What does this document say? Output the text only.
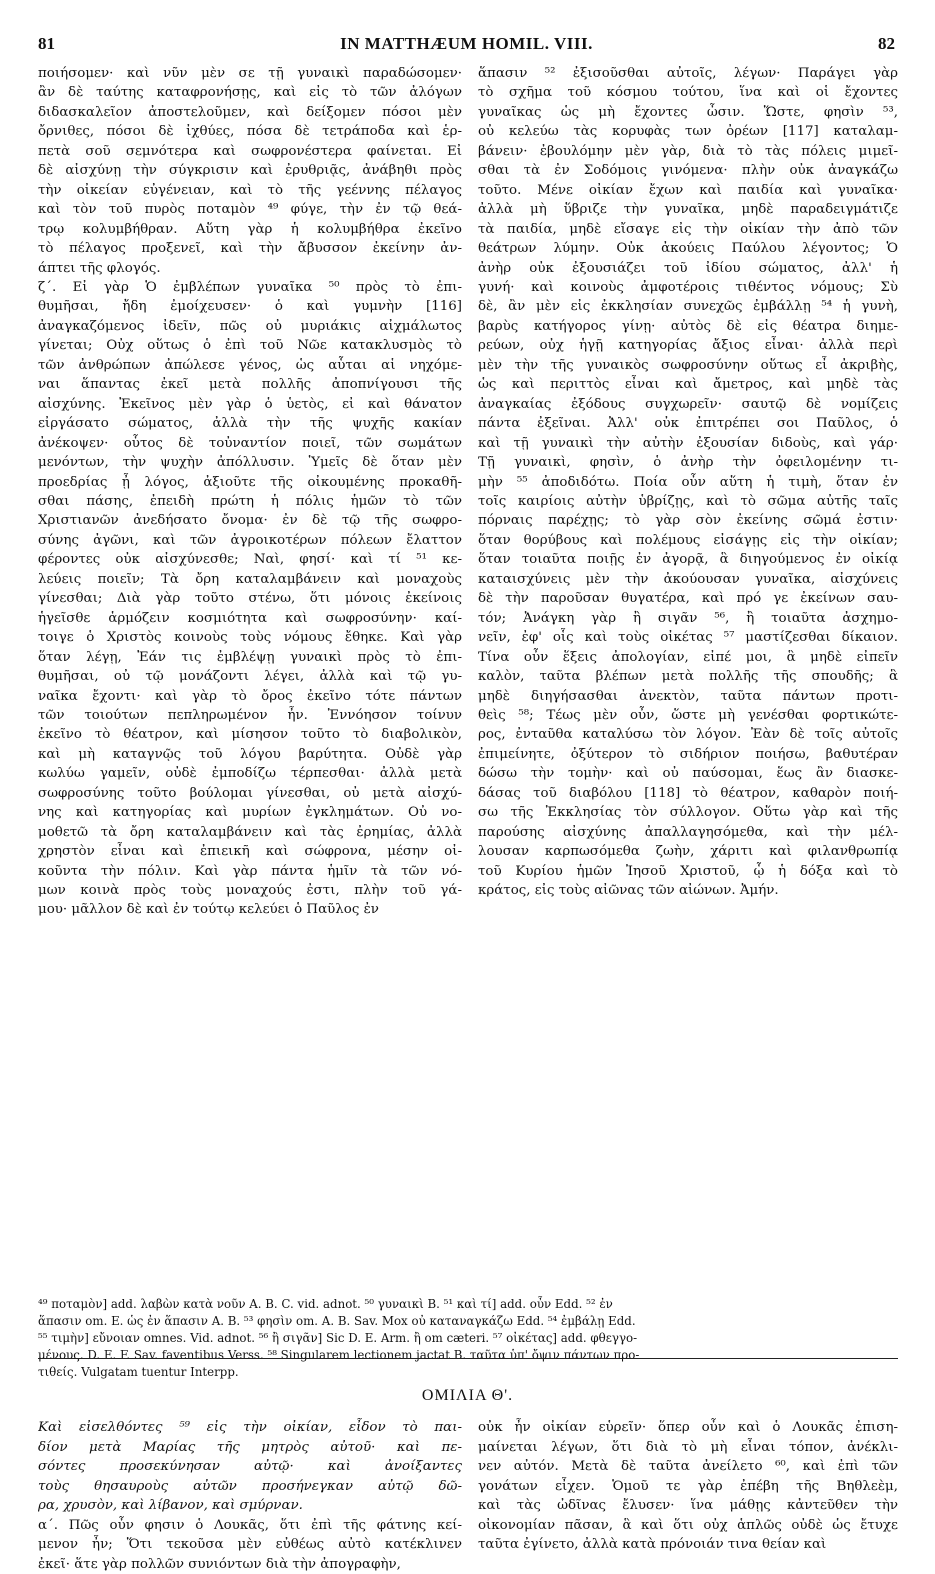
81	IN MATTHÆUM HOMIL. VIII.	82
ποιήσομεν· καὶ νῦν μὲν σε τῇ γυναικὶ παραδώσομεν·
ἂν δὲ ταύτης καταφρονήσῃς, καὶ εἰς τὸ τῶν ἀλόγων
διδασκαλεῖον ἀποστελοῦμεν, καὶ δείξομεν πόσοι μὲν
ὄρνιθες, πόσοι δὲ ἰχθύες, πόσα δὲ τετράποδα καὶ ἑρ-
πετὰ σοῦ σεμνότερα καὶ σωφρονέστερα φαίνεται. Εἰ
δὲ αἰσχύνῃ τὴν σύγκρισιν καὶ ἐρυθριᾷς, ἀνάβηθι πρὸς
τὴν οἰκείαν εὐγένειαν, καὶ τὸ τῆς γεέννης πέλαγος
καὶ τὸν τοῦ πυρὸς ποταμὸν ⁴⁹ φύγε, τὴν ἐν τῷ θεά-
τρῳ κολυμβήθραν. Αὕτη γὰρ ἡ κολυμβήθρα ἐκεῖνο
τὸ πέλαγος προξενεῖ, καὶ τὴν ἄβυσσον ἐκείνην ἀν-
άπτει τῆς φλογός.
ζ΄. Εἰ γὰρ Ὁ ἐμβλέπων γυναῖκα ⁵⁰ πρὸς τὸ ἐπι-
θυμῆσαι, ἤδη ἐμοίχευσεν· ὁ καὶ γυμνὴν [116]
ἀναγκαζόμενος ἰδεῖν, πῶς οὐ μυριάκις αἰχμάλωτος
γίνεται; Οὐχ οὕτως ὁ ἐπὶ τοῦ Νῶε κατακλυσμὸς τὸ
τῶν ἀνθρώπων ἀπώλεσε γένος, ὡς αὗται αἱ νηχόμε-
ναι ἅπαντας ἐκεῖ μετὰ πολλῆς ἀποπνίγουσι τῆς
αἰσχύνης. Ἐκεῖνος μὲν γὰρ ὁ ὑετὸς, εἰ καὶ θάνατον
εἰργάσατο σώματος, ἀλλὰ τὴν τῆς ψυχῆς κακίαν
ἀνέκοψεν· οὗτος δὲ τοὐναντίον ποιεῖ, τῶν σωμάτων
μενόντων, τὴν ψυχὴν ἀπόλλυσιν. Ὑμεῖς δὲ ὅταν μὲν
προεδρίας ᾖ λόγος, ἀξιοῦτε τῆς οἰκουμένης προκαθῆ-
σθαι πάσης, ἐπειδὴ πρώτη ἡ πόλις ἡμῶν τὸ τῶν
Χριστιανῶν ἀνεδήσατο ὄνομα· ἐν δὲ τῷ τῆς σωφρο-
σύνης ἀγῶνι, καὶ τῶν ἀγροικοτέρων πόλεων ἔλαττον
φέροντες οὐκ αἰσχύνεσθε; Ναὶ, φησί· καὶ τί ⁵¹ κε-
λεύεις ποιεῖν; Τὰ ὄρη καταλαμβάνειν καὶ μοναχοὺς
γίνεσθαι; Διὰ γὰρ τοῦτο στένω, ὅτι μόνοις ἐκείνοις
ἡγεῖσθε ἁρμόζειν κοσμιότητα καὶ σωφροσύνην· καί-
τοιγε ὁ Χριστὸς κοινοὺς τοὺς νόμους ἔθηκε. Καὶ γὰρ
ὅταν λέγῃ, Ἐάν τις ἐμβλέψῃ γυναικὶ πρὸς τὸ ἐπι-
θυμῆσαι, οὐ τῷ μονάζοντι λέγει, ἀλλὰ καὶ τῷ γυ-
ναῖκα ἔχοντι· καὶ γὰρ τὸ ὄρος ἐκεῖνο τότε πάντων
τῶν τοιούτων πεπληρωμένον ἦν. Ἐννόησον τοίνυν
ἐκεῖνο τὸ θέατρον, καὶ μίσησον τοῦτο τὸ διαβολικὸν,
καὶ μὴ καταγνῷς τοῦ λόγου βαρύτητα. Οὐδὲ γὰρ
κωλύω γαμεῖν, οὐδὲ ἐμποδίζω τέρπεσθαι· ἀλλὰ μετὰ
σωφροσύνης τοῦτο βούλομαι γίνεσθαι, οὐ μετὰ αἰσχύ-
νης καὶ κατηγορίας καὶ μυρίων ἐγκλημάτων. Οὐ νο-
μοθετῶ τὰ ὄρη καταλαμβάνειν καὶ τὰς ἐρημίας, ἀλλὰ
χρηστὸν εἶναι καὶ ἐπιεικῆ καὶ σώφρονα, μέσην οἰ-
κοῦντα τὴν πόλιν. Καὶ γὰρ πάντα ἡμῖν τὰ τῶν νό-
μων κοινὰ πρὸς τοὺς μοναχούς ἐστι, πλὴν τοῦ γά-
μου· μᾶλλον δὲ καὶ ἐν τούτῳ κελεύει ὁ Παῦλος ἐν
ἅπασιν ⁵² ἐξισοῦσθαι αὐτοῖς, λέγων· Παράγει γὰρ
τὸ σχῆμα τοῦ κόσμου τούτου, ἵνα καὶ οἱ ἔχοντες
γυναῖκας ὡς μὴ ἔχοντες ὦσιν. Ὥστε, φησὶν ⁵³,
οὐ κελεύω τὰς κορυφὰς των ὀρέων [117] καταλαμ-
βάνειν· ἐβουλόμην μὲν γὰρ, διὰ τὸ τὰς πόλεις μιμεῖ-
σθαι τὰ ἐν Σοδόμοις γινόμενα· πλὴν οὐκ ἀναγκάζω
τοῦτο. Μένε οἰκίαν ἔχων καὶ παιδία καὶ γυναῖκα·
ἀλλὰ μὴ ὕβριζε τὴν γυναῖκα, μηδὲ παραδειγμάτιζε
τὰ παιδία, μηδὲ εἴσαγε εἰς τὴν οἰκίαν τὴν ἀπὸ τῶν
θεάτρων λύμην. Οὐκ ἀκούεις Παύλου λέγοντος; Ὁ
ἀνὴρ οὐκ ἐξουσιάζει τοῦ ἰδίου σώματος, ἀλλ' ἡ
γυνή· καὶ κοινοὺς ἀμφοτέροις τιθέντος νόμους; Σὺ
δὲ, ἂν μὲν εἰς ἐκκλησίαν συνεχῶς ἐμβάλλῃ ⁵⁴ ἡ γυνὴ,
βαρὺς κατήγορος γίνῃ· αὐτὸς δὲ εἰς θέατρα διημε-
ρεύων, οὐχ ἡγῇ κατηγορίας ἄξιος εἶναι· ἀλλὰ περὶ
μὲν τὴν τῆς γυναικὸς σωφροσύνην οὕτως εἶ ἀκριβὴς,
ὡς καὶ περιττὸς εἶναι καὶ ἄμετρος, καὶ μηδὲ τὰς
ἀναγκαίας ἐξόδους συγχωρεῖν· σαυτῷ δὲ νομίζεις
πάντα ἐξεῖναι. Ἀλλ' οὐκ ἐπιτρέπει σοι Παῦλος, ὁ
καὶ τῇ γυναικὶ τὴν αὐτὴν ἐξουσίαν διδοὺς, καὶ γάρ·
Τῇ γυναικὶ, φησὶν, ὁ ἀνὴρ τὴν ὀφειλομένην τι-
μὴν ⁵⁵ ἀποδιδότω. Ποία οὖν αὕτη ἡ τιμὴ, ὅταν ἐν
τοῖς καιρίοις αὐτὴν ὑβρίζῃς, καὶ τὸ σῶμα αὐτῆς ταῖς
πόρναις παρέχῃς; τὸ γὰρ σὸν ἐκείνης σῶμά ἐστιν·
ὅταν θορύβους καὶ πολέμους εἰσάγῃς εἰς τὴν οἰκίαν;
ὅταν τοιαῦτα ποιῇς ἐν ἀγορᾷ, ἃ διηγούμενος ἐν οἰκίᾳ
καταισχύνεις μὲν τὴν ἀκούουσαν γυναῖκα, αἰσχύνεις
δὲ τὴν παροῦσαν θυγατέρα, καὶ πρό γε ἐκείνων σαυ-
τόν; Ἀνάγκη γὰρ ἢ σιγᾶν ⁵⁶, ἢ τοιαῦτα ἀσχημο-
νεῖν, ἐφ' οἷς καὶ τοὺς οἰκέτας ⁵⁷ μαστίζεσθαι δίκαιον.
Τίνα οὖν ἕξεις ἀπολογίαν, εἰπέ μοι, ἃ μηδὲ εἰπεῖν
καλὸν, ταῦτα βλέπων μετὰ πολλῆς τῆς σπουδῆς; ἃ
μηδὲ διηγήσασθαι ἀνεκτὸν, ταῦτα πάντων προτι-
θεὶς ⁵⁸; Τέως μὲν οὖν, ὥστε μὴ γενέσθαι φορτικώτε-
ρος, ἐνταῦθα καταλύσω τὸν λόγον. Ἐὰν δὲ τοῖς αὐτοῖς
ἐπιμείνητε, ὀξύτερον τὸ σιδήριον ποιήσω, βαθυτέραν
δώσω τὴν τομὴν· καὶ οὐ παύσομαι, ἕως ἂν διασκε-
δάσας τοῦ διαβόλου [118] τὸ θέατρον, καθαρὸν ποιή-
σω τῆς Ἐκκλησίας τὸν σύλλογον. Οὕτω γὰρ καὶ τῆς
παρούσης αἰσχύνης ἀπαλλαγησόμεθα, καὶ τὴν μέλ-
λουσαν καρπωσόμεθα ζωὴν, χάριτι καὶ φιλανθρωπίᾳ
τοῦ Κυρίου ἡμῶν Ἰησοῦ Χριστοῦ, ᾧ ἡ δόξα καὶ τὸ
κράτος, εἰς τοὺς αἰῶνας τῶν αἰώνων. Ἀμήν.
⁴⁹ ποταμὸν] add. λαβὼν κατὰ νοῦν A. B. C. vid. adnot. ⁵⁰ γυναικὶ B. ⁵¹ καὶ τί] add. οὖν Edd. ⁵² ἐν
ἅπασιν om. E. ὡς ἐν ἅπασιν A. B. ⁵³ φησὶν om. A. B. Sav. Mox οὐ καταναγκάζω Edd. ⁵⁴ ἐμβάλῃ Edd.
⁵⁵ τιμὴν] εὔνοιαν omnes. Vid. adnot. ⁵⁶ ἢ σιγᾶν] Sic D. E. Arm. ἢ om cæteri. ⁵⁷ οἰκέτας] add. φθεγγο-
μένους. D. E. F. Sav. faventibus Verss. ⁵⁸ Singularem lectionem jactat B. ταῦτα ὑπ' ὄψιν πάντων προ-
τιθείς. Vulgatam tuentur Interpp.
ΟΜΙΛΙΑ Θ'.
Καὶ εἰσελθόντες ⁵⁹ εἰς τὴν οἰκίαν, εἶδον τὸ παι-
δίον μετὰ Μαρίας τῆς μητρὸς αὐτοῦ· καὶ πε-
σόντες προσεκύνησαν αὐτῷ· καὶ ἀνοίξαντες
τοὺς θησαυροὺς αὐτῶν προσήνεγκαν αὐτῷ δῶ-
ρα, χρυσὸν, καὶ λίβανον, καὶ σμύρναν.
α΄. Πῶς οὖν φησιν ὁ Λουκᾶς, ὅτι ἐπὶ τῆς φάτνης κεί-
μενον ἦν; Ὅτι τεκοῦσα μὲν εὐθέως αὐτὸ κατέκλινεν
ἐκεῖ· ἅτε γὰρ πολλῶν συνιόντων διὰ τὴν ἀπογραφὴν,
οὐκ ἦν οἰκίαν εὑρεῖν· ὅπερ οὖν καὶ ὁ Λουκᾶς ἐπιση-
μαίνεται λέγων, ὅτι διὰ τὸ μὴ εἶναι τόπον, ἀνέκλι-
νεν αὐτόν. Μετὰ δὲ ταῦτα ἀνείλετο ⁶⁰, καὶ ἐπὶ τῶν
γονάτων εἶχεν. Ὁμοῦ τε γὰρ ἐπέβη τῆς Βηθλεὲμ,
καὶ τὰς ὠδῖνας ἔλυσεν· ἵνα μάθῃς κἀντεῦθεν τὴν
οἰκονομίαν πᾶσαν, ἃ καὶ ὅτι οὐχ ἁπλῶς οὐδὲ ὡς ἔτυχε
ταῦτα ἐγίνετο, ἀλλὰ κατὰ πρόνοιάν τινα θείαν καὶ
